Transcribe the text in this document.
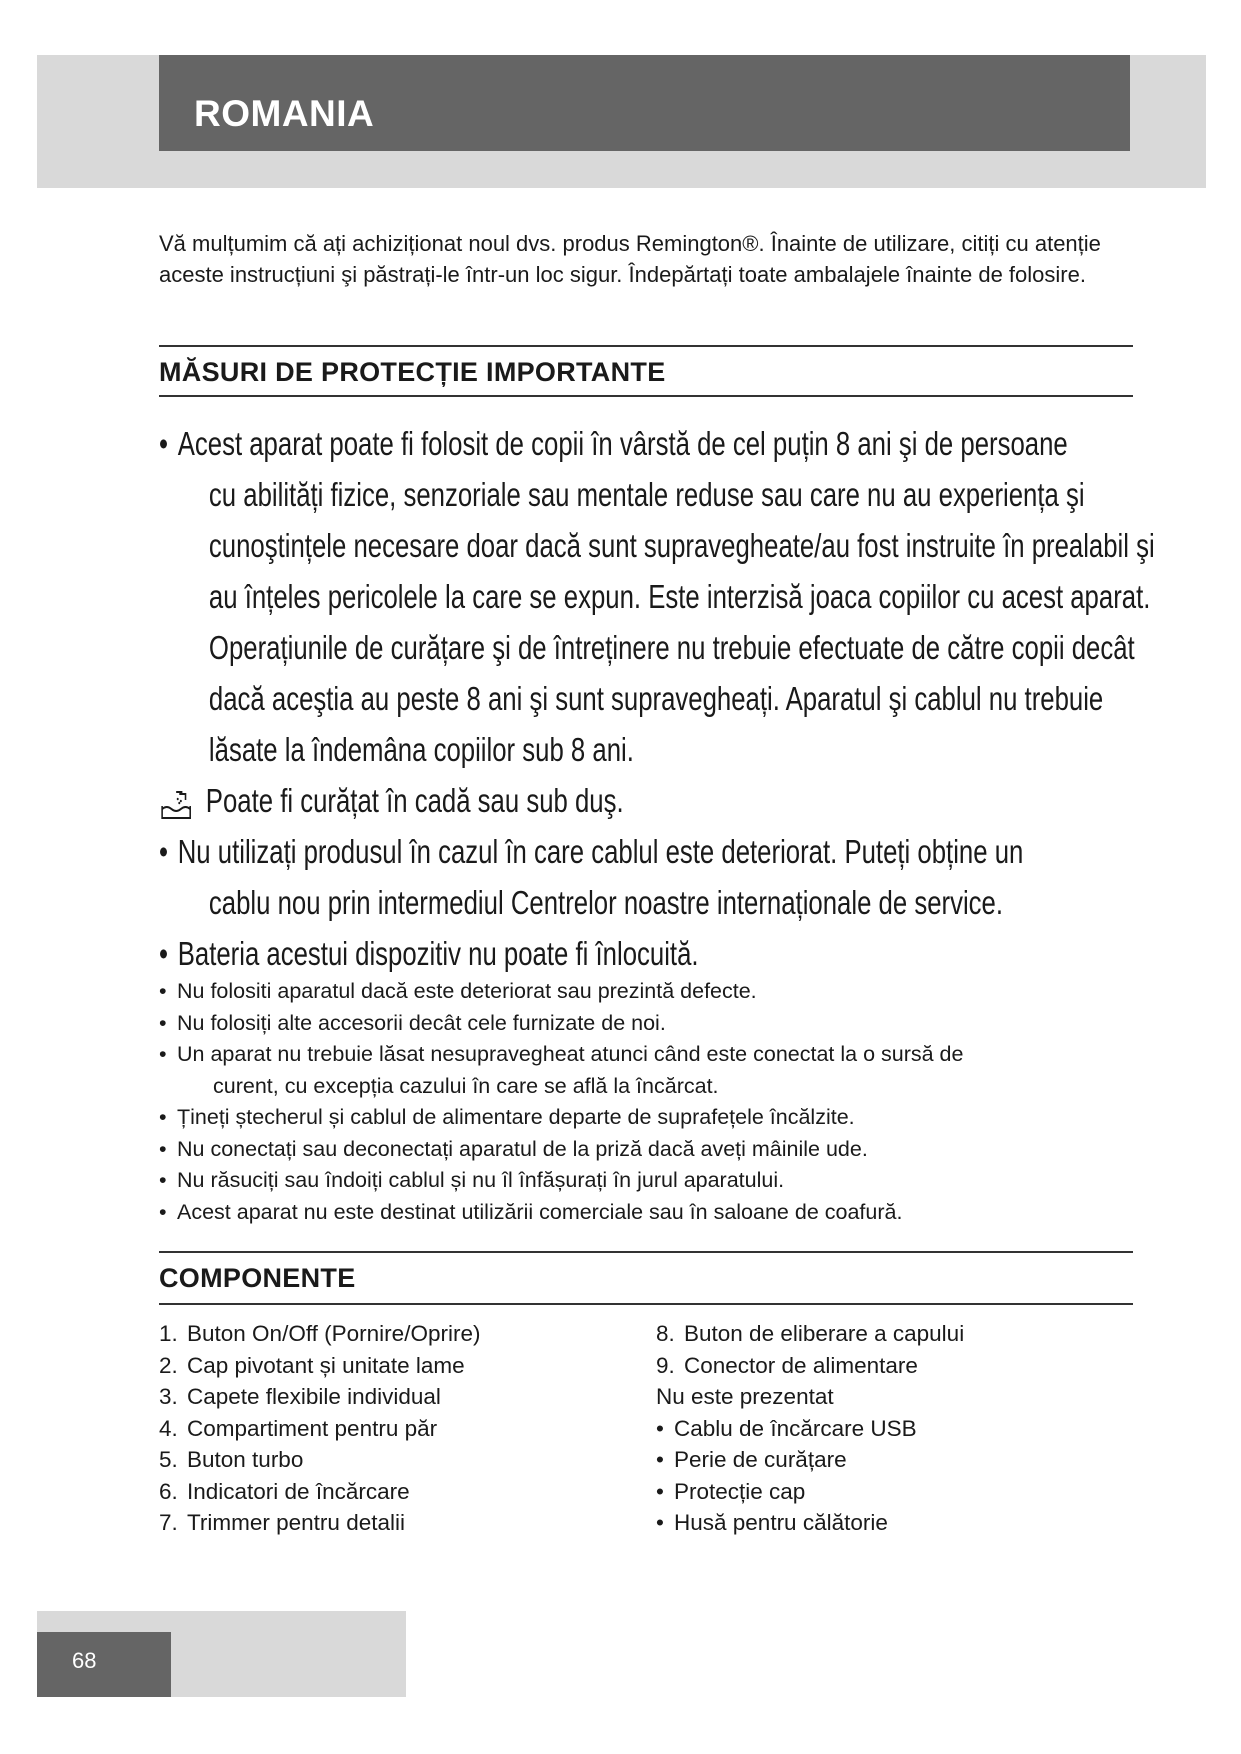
ROMANIA

Vă mulțumim că ați achiziționat noul dvs. produs Remington®. Înainte de utilizare, citiți cu atenție aceste instrucțiuni şi păstrați-le într-un loc sigur. Îndepărtați toate ambalajele înainte de folosire.

MĂSURI DE PROTECȚIE IMPORTANTE
• Acest aparat poate fi folosit de copii în vârstă de cel puțin 8 ani şi de persoane
cu abilități fizice, senzoriale sau mentale reduse sau care nu au experiența şi cunoştințele necesare doar dacă sunt supravegheate/au fost instruite în prealabil şi au înțeles pericolele la care se expun. Este interzisă joaca copiilor cu acest aparat. Operațiunile de curățare şi de întreținere nu trebuie efectuate de către copii decât dacă aceştia au peste 8 ani şi sunt supravegheați. Aparatul şi cablul nu trebuie lăsate la îndemâna copiilor sub 8 ani.
Poate fi curățat în cadă sau sub duş.
• Nu utilizați produsul în cazul în care cablul este deteriorat. Puteți obține un
cablu nou prin intermediul Centrelor noastre internaționale de service.
• Bateria acestui dispozitiv nu poate fi înlocuită.
• Nu folositi aparatul dacă este deteriorat sau prezintă defecte.
• Nu folosiți alte accesorii decât cele furnizate de noi.
• Un aparat nu trebuie lăsat nesupravegheat atunci când este conectat la o sursă de
curent, cu excepția cazului în care se află la încărcat.
• Țineți ștecherul și cablul de alimentare departe de suprafețele încălzite.
• Nu conectați sau deconectați aparatul de la priză dacă aveți mâinile ude.
• Nu răsuciți sau îndoiți cablul și nu îl înfășurați în jurul aparatului.
• Acest aparat nu este destinat utilizării comerciale sau în saloane de coafură.
COMPONENTE
1. Buton On/Off (Pornire/Oprire)
2. Cap pivotant și unitate lame
3. Capete flexibile individual
4. Compartiment pentru păr
5. Buton turbo
6. Indicatori de încărcare
7. Trimmer pentru detalii
8. Buton de eliberare a capului
9. Conector de alimentare
Nu este prezentat
• Cablu de încărcare USB
• Perie de curățare
• Protecție cap
• Husă pentru călătorie
68
